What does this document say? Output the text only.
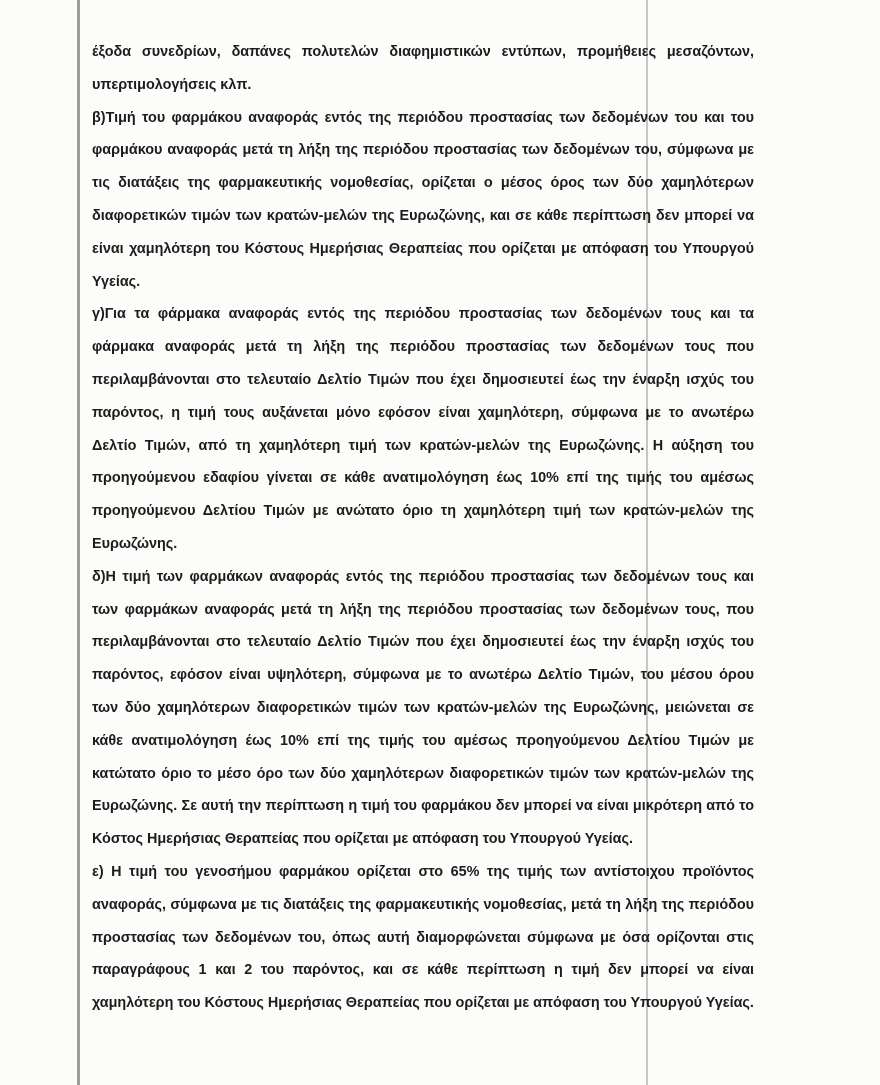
έξοδα συνεδρίων, δαπάνες πολυτελών διαφημιστικών εντύπων, προμήθειες μεσαζόντων, υπερτιμολογήσεις κλπ.

β)Τιμή του φαρμάκου αναφοράς εντός της περιόδου προστασίας των δεδομένων του και του φαρμάκου αναφοράς μετά τη λήξη της περιόδου προστασίας των δεδομένων του, σύμφωνα με τις διατάξεις της φαρμακευτικής νομοθεσίας, ορίζεται ο μέσος όρος των δύο χαμηλότερων διαφορετικών τιμών των κρατών-μελών της Ευρωζώνης, και σε κάθε περίπτωση δεν μπορεί να είναι χαμηλότερη του Κόστους Ημερήσιας Θεραπείας που ορίζεται με απόφαση του Υπουργού Υγείας.

γ)Για τα φάρμακα αναφοράς εντός της περιόδου προστασίας των δεδομένων τους και τα φάρμακα αναφοράς μετά τη λήξη της περιόδου προστασίας των δεδομένων τους που περιλαμβάνονται στο τελευταίο Δελτίο Τιμών που έχει δημοσιευτεί έως την έναρξη ισχύς του παρόντος, η τιμή τους αυξάνεται μόνο εφόσον είναι χαμηλότερη, σύμφωνα με το ανωτέρω Δελτίο Τιμών, από τη χαμηλότερη τιμή των κρατών-μελών της Ευρωζώνης. Η αύξηση του προηγούμενου εδαφίου γίνεται σε κάθε ανατιμολόγηση έως 10% επί της τιμής του αμέσως προηγούμενου Δελτίου Τιμών με ανώτατο όριο τη χαμηλότερη τιμή των κρατών-μελών της Ευρωζώνης.

δ)Η τιμή των φαρμάκων αναφοράς εντός της περιόδου προστασίας των δεδομένων τους και των φαρμάκων αναφοράς μετά τη λήξη της περιόδου προστασίας των δεδομένων τους, που περιλαμβάνονται στο τελευταίο Δελτίο Τιμών που έχει δημοσιευτεί έως την έναρξη ισχύς του παρόντος, εφόσον είναι υψηλότερη, σύμφωνα με το ανωτέρω Δελτίο Τιμών, του μέσου όρου των δύο χαμηλότερων διαφορετικών τιμών των κρατών-μελών της Ευρωζώνης, μειώνεται σε κάθε ανατιμολόγηση έως 10% επί της τιμής του αμέσως προηγούμενου Δελτίου Τιμών με κατώτατο όριο το μέσο όρο των δύο χαμηλότερων διαφορετικών τιμών των κρατών-μελών της Ευρωζώνης. Σε αυτή την περίπτωση η τιμή του φαρμάκου δεν μπορεί να είναι μικρότερη από το Κόστος Ημερήσιας Θεραπείας που ορίζεται με απόφαση του Υπουργού Υγείας.

ε) Η τιμή του γενοσήμου φαρμάκου ορίζεται στο 65% της τιμής των αντίστοιχου προϊόντος αναφοράς, σύμφωνα με τις διατάξεις της φαρμακευτικής νομοθεσίας, μετά τη λήξη της περιόδου προστασίας των δεδομένων του, όπως αυτή διαμορφώνεται σύμφωνα με όσα ορίζονται στις παραγράφους 1 και 2 του παρόντος, και σε κάθε περίπτωση η τιμή δεν μπορεί να είναι χαμηλότερη του Κόστους Ημερήσιας Θεραπείας που ορίζεται με απόφαση του Υπουργού Υγείας.
